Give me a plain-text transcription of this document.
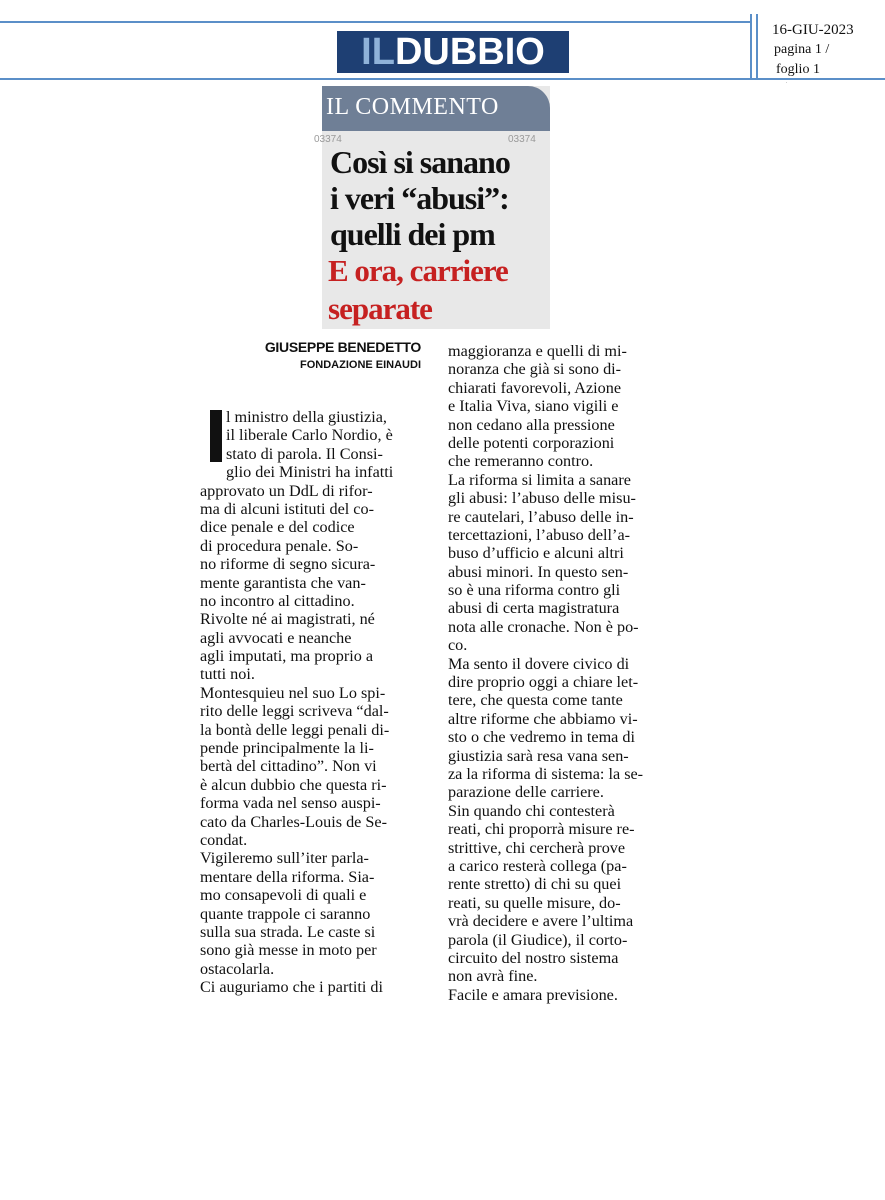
IL DUBBIO
16-GIU-2023
pagina 1 /
foglio 1
.
IL COMMENTO
03374	03374
Così si sanano
i veri “abusi”:
quelli dei pm
E ora, carriere
separate
GIUSEPPE BENEDETTO
FONDAZIONE EINAUDI
l ministro della giustizia,
il liberale Carlo Nordio, è
stato di parola. Il Consi-
glio dei Ministri ha infatti
approvato un DdL di rifor-
ma di alcuni istituti del co-
dice penale e del codice
di procedura penale. So-
no riforme di segno sicura-
mente garantista che van-
no incontro al cittadino.
Rivolte né ai magistrati, né
agli avvocati e neanche
agli imputati, ma proprio a
tutti noi.
Montesquieu nel suo Lo spi-
rito delle leggi scriveva “dal-
la bontà delle leggi penali di-
pende principalmente la li-
bertà del cittadino”. Non vi
è alcun dubbio che questa ri-
forma vada nel senso auspi-
cato da Charles-Louis de Se-
condat.
Vigileremo sull’iter parla-
mentare della riforma. Sia-
mo consapevoli di quali e
quante trappole ci saranno
sulla sua strada. Le caste si
sono già messe in moto per
ostacolarla.
Ci auguriamo che i partiti di
maggioranza e quelli di mi-
noranza che già si sono di-
chiarati favorevoli, Azione
e Italia Viva, siano vigili e
non cedano alla pressione
delle potenti corporazioni
che remeranno contro.
La riforma si limita a sanare
gli abusi: l’abuso delle misu-
re cautelari, l’abuso delle in-
tercettazioni, l’abuso dell’a-
buso d’ufficio e alcuni altri
abusi minori. In questo sen-
so è una riforma contro gli
abusi di certa magistratura
nota alle cronache. Non è po-
co.
Ma sento il dovere civico di
dire proprio oggi a chiare let-
tere, che questa come tante
altre riforme che abbiamo vi-
sto o che vedremo in tema di
giustizia sarà resa vana sen-
za la riforma di sistema: la se-
parazione delle carriere.
Sin quando chi contesterà
reati, chi proporrà misure re-
strittive, chi cercherà prove
a carico resterà collega (pa-
rente stretto) di chi su quei
reati, su quelle misure, do-
vrà decidere e avere l’ultima
parola (il Giudice), il corto-
circuito del nostro sistema
non avrà fine.
Facile e amara previsione.
